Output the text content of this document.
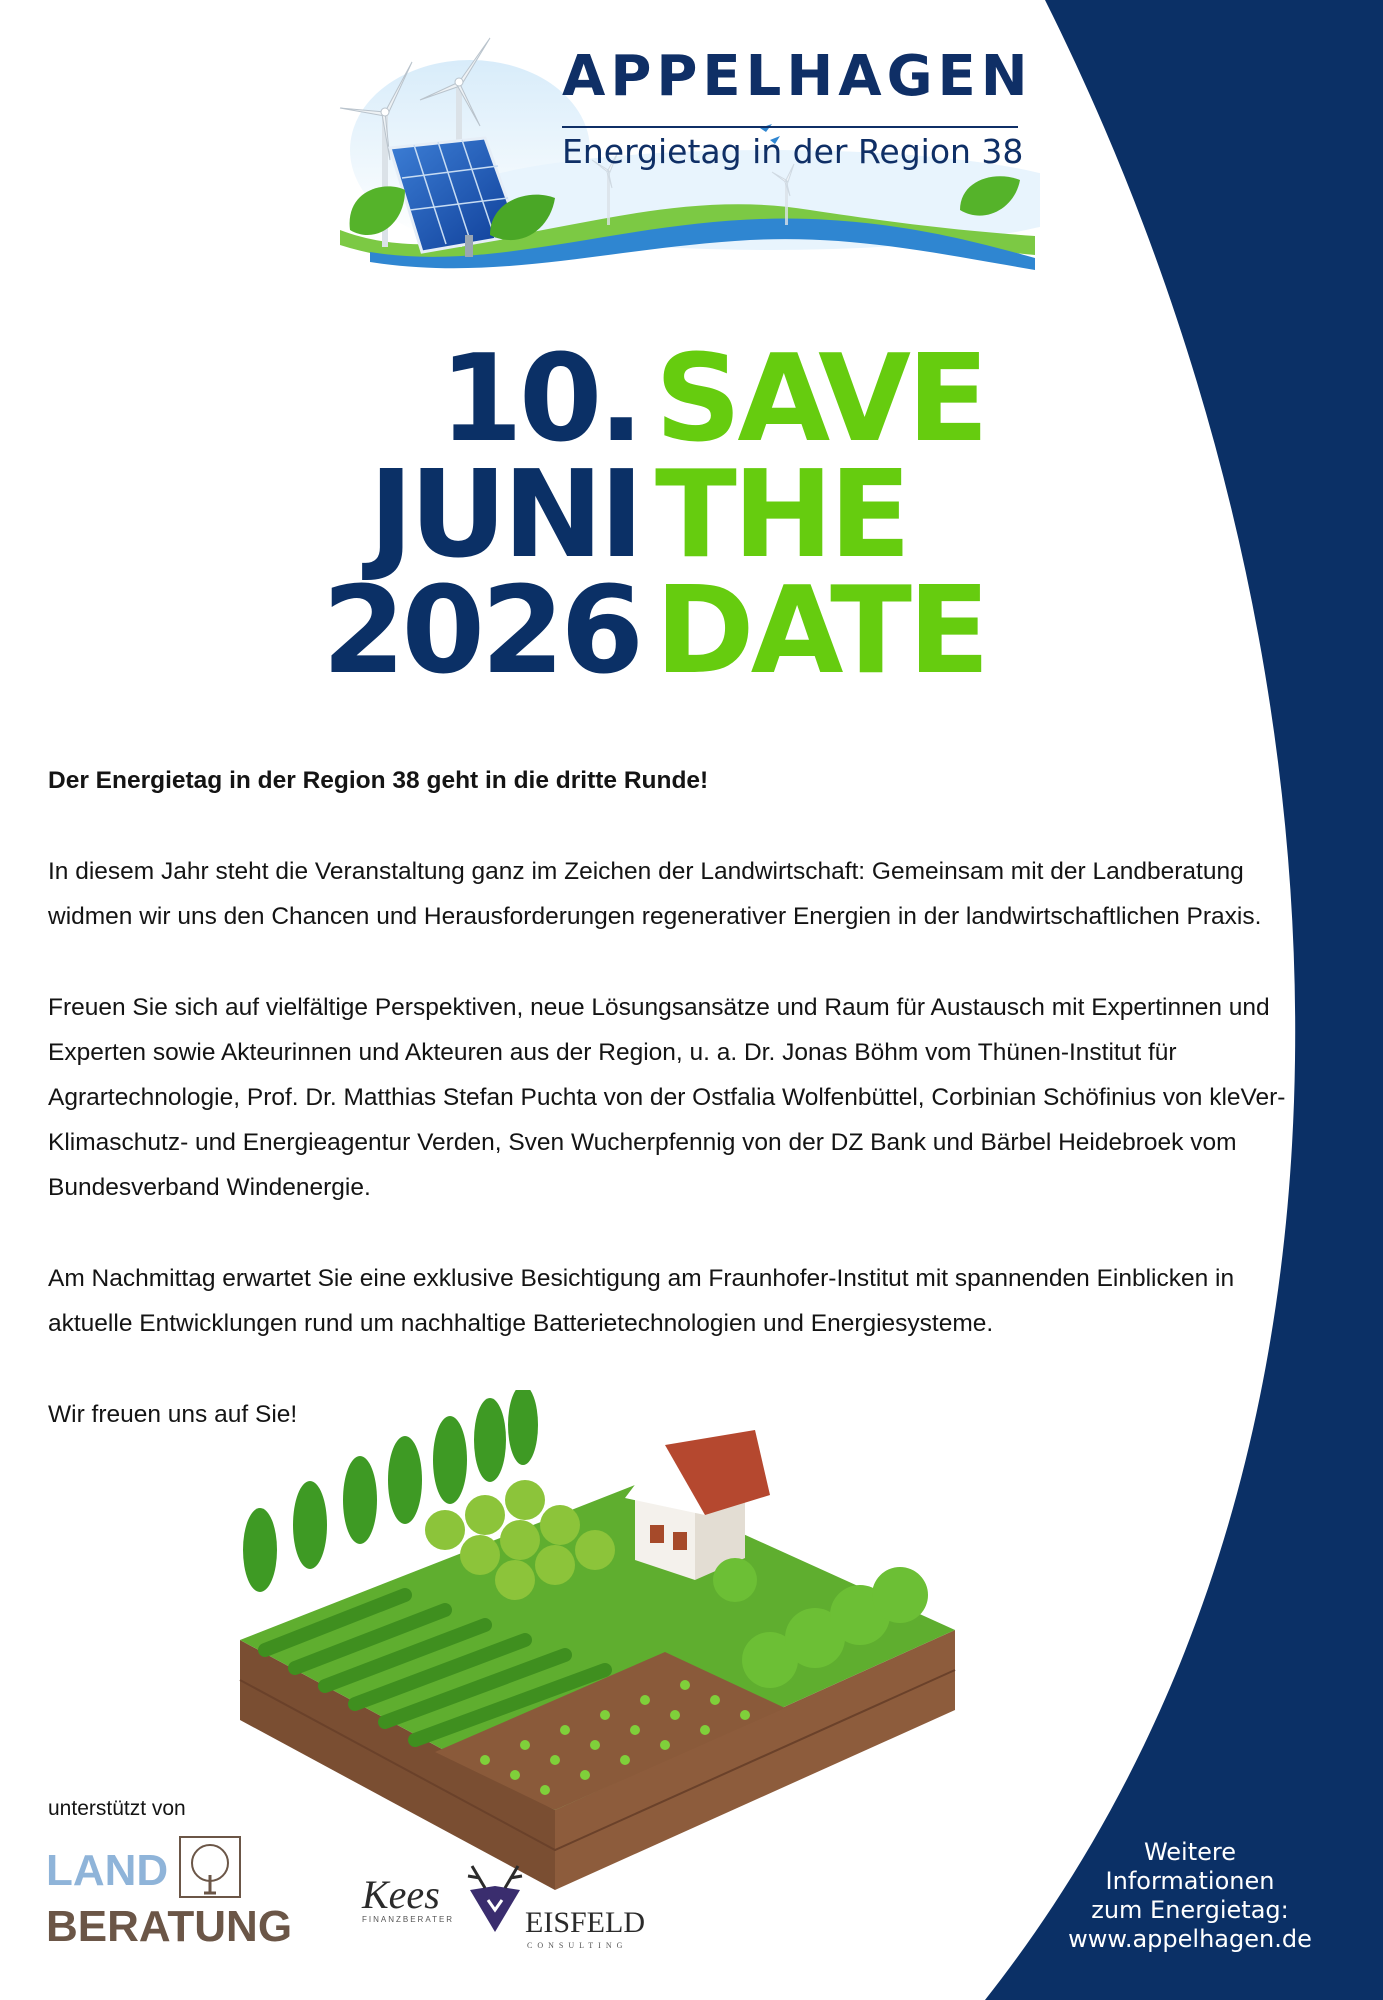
APPELHAGEN
Energietag in der Region 38
10.
JUNI
2026
SAVE
THE
DATE

Der Energietag in der Region 38 geht in die dritte Runde!

In diesem Jahr steht die Veranstaltung ganz im Zeichen der Landwirtschaft: Gemeinsam mit der Landberatung widmen wir uns den Chancen und Herausforderungen regenerativer Energien in der landwirtschaftlichen Praxis.

Freuen Sie sich auf vielfältige Perspektiven, neue Lösungsansätze und Raum für Austausch mit Expertinnen und Experten sowie Akteurinnen und Akteuren aus der Region, u. a. Dr. Jonas Böhm vom Thünen-Institut für Agrartechnologie, Prof. Dr. Matthias Stefan Puchta von der Ostfalia Wolfenbüttel, Corbinian Schöfinius von kleVer-Klimaschutz- und Energieagentur Verden, Sven Wucherpfennig von der DZ Bank und Bärbel Heidebroek vom Bundesverband Windenergie.

Am Nachmittag erwartet Sie eine exklusive Besichtigung am Fraunhofer-Institut mit spannenden Einblicken in aktuelle Entwicklungen rund um nachhaltige Batterietechnologien und Energiesysteme.

Wir freuen uns auf Sie!

unterstützt von
LAND
BERATUNG
Kees
FINANZBERATER EISFELD
CONSULTING
Weitere
Informationen
zum Energietag:
www.appelhagen.de
